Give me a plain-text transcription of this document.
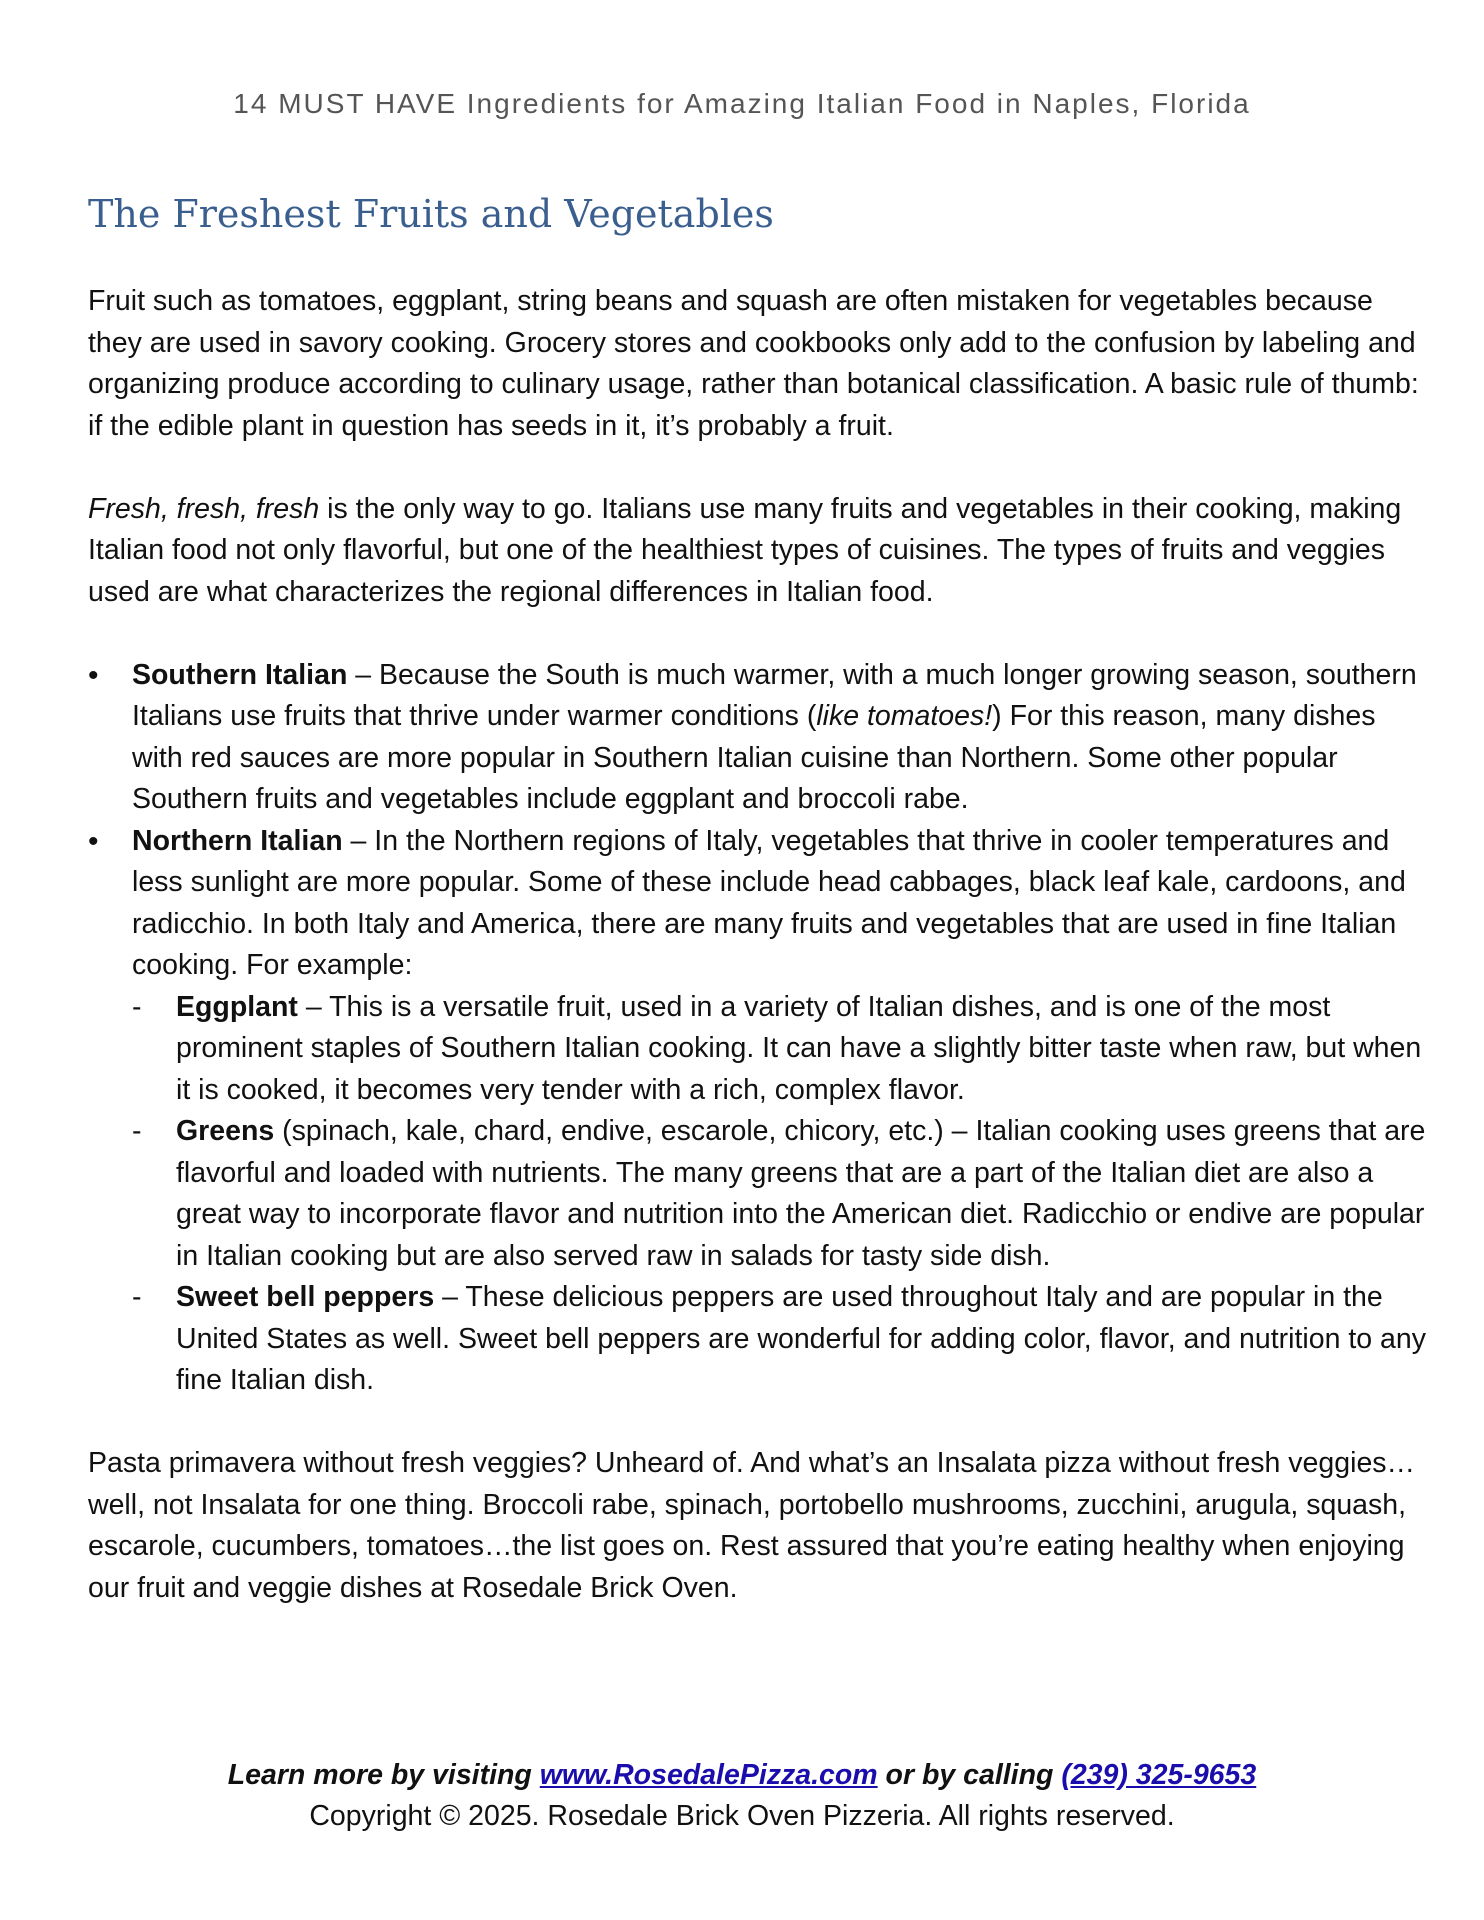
14 MUST HAVE Ingredients for Amazing Italian Food in Naples, Florida
The Freshest Fruits and Vegetables

Fruit such as tomatoes, eggplant, string beans and squash are often mistaken for vegetables because they are used in savory cooking. Grocery stores and cookbooks only add to the confusion by labeling and organizing produce according to culinary usage, rather than botanical classification. A basic rule of thumb: if the edible plant in question has seeds in it, it’s probably a fruit.

Fresh, fresh, fresh is the only way to go. Italians use many fruits and vegetables in their cooking, making Italian food not only flavorful, but one of the healthiest types of cuisines. The types of fruits and veggies used are what characterizes the regional differences in Italian food.

• Southern Italian – Because the South is much warmer, with a much longer growing season, southern Italians use fruits that thrive under warmer conditions (like tomatoes!) For this reason, many dishes with red sauces are more popular in Southern Italian cuisine than Northern. Some other popular Southern fruits and vegetables include eggplant and broccoli rabe.
• Northern Italian – In the Northern regions of Italy, vegetables that thrive in cooler temperatures and less sunlight are more popular. Some of these include head cabbages, black leaf kale, cardoons, and radicchio. In both Italy and America, there are many fruits and vegetables that are used in fine Italian cooking. For example:
- Eggplant – This is a versatile fruit, used in a variety of Italian dishes, and is one of the most prominent staples of Southern Italian cooking. It can have a slightly bitter taste when raw, but when it is cooked, it becomes very tender with a rich, complex flavor.
- Greens (spinach, kale, chard, endive, escarole, chicory, etc.) – Italian cooking uses greens that are flavorful and loaded with nutrients. The many greens that are a part of the Italian diet are also a great way to incorporate flavor and nutrition into the American diet. Radicchio or endive are popular in Italian cooking but are also served raw in salads for tasty side dish.
- Sweet bell peppers – These delicious peppers are used throughout Italy and are popular in the United States as well. Sweet bell peppers are wonderful for adding color, flavor, and nutrition to any fine Italian dish.

Pasta primavera without fresh veggies? Unheard of. And what’s an Insalata pizza without fresh veggies…well, not Insalata for one thing. Broccoli rabe, spinach, portobello mushrooms, zucchini, arugula, squash, escarole, cucumbers, tomatoes…the list goes on. Rest assured that you’re eating healthy when enjoying our fruit and veggie dishes at Rosedale Brick Oven.

Learn more by visiting www.RosedalePizza.com or by calling (239) 325-9653
Copyright © 2025. Rosedale Brick Oven Pizzeria. All rights reserved.
